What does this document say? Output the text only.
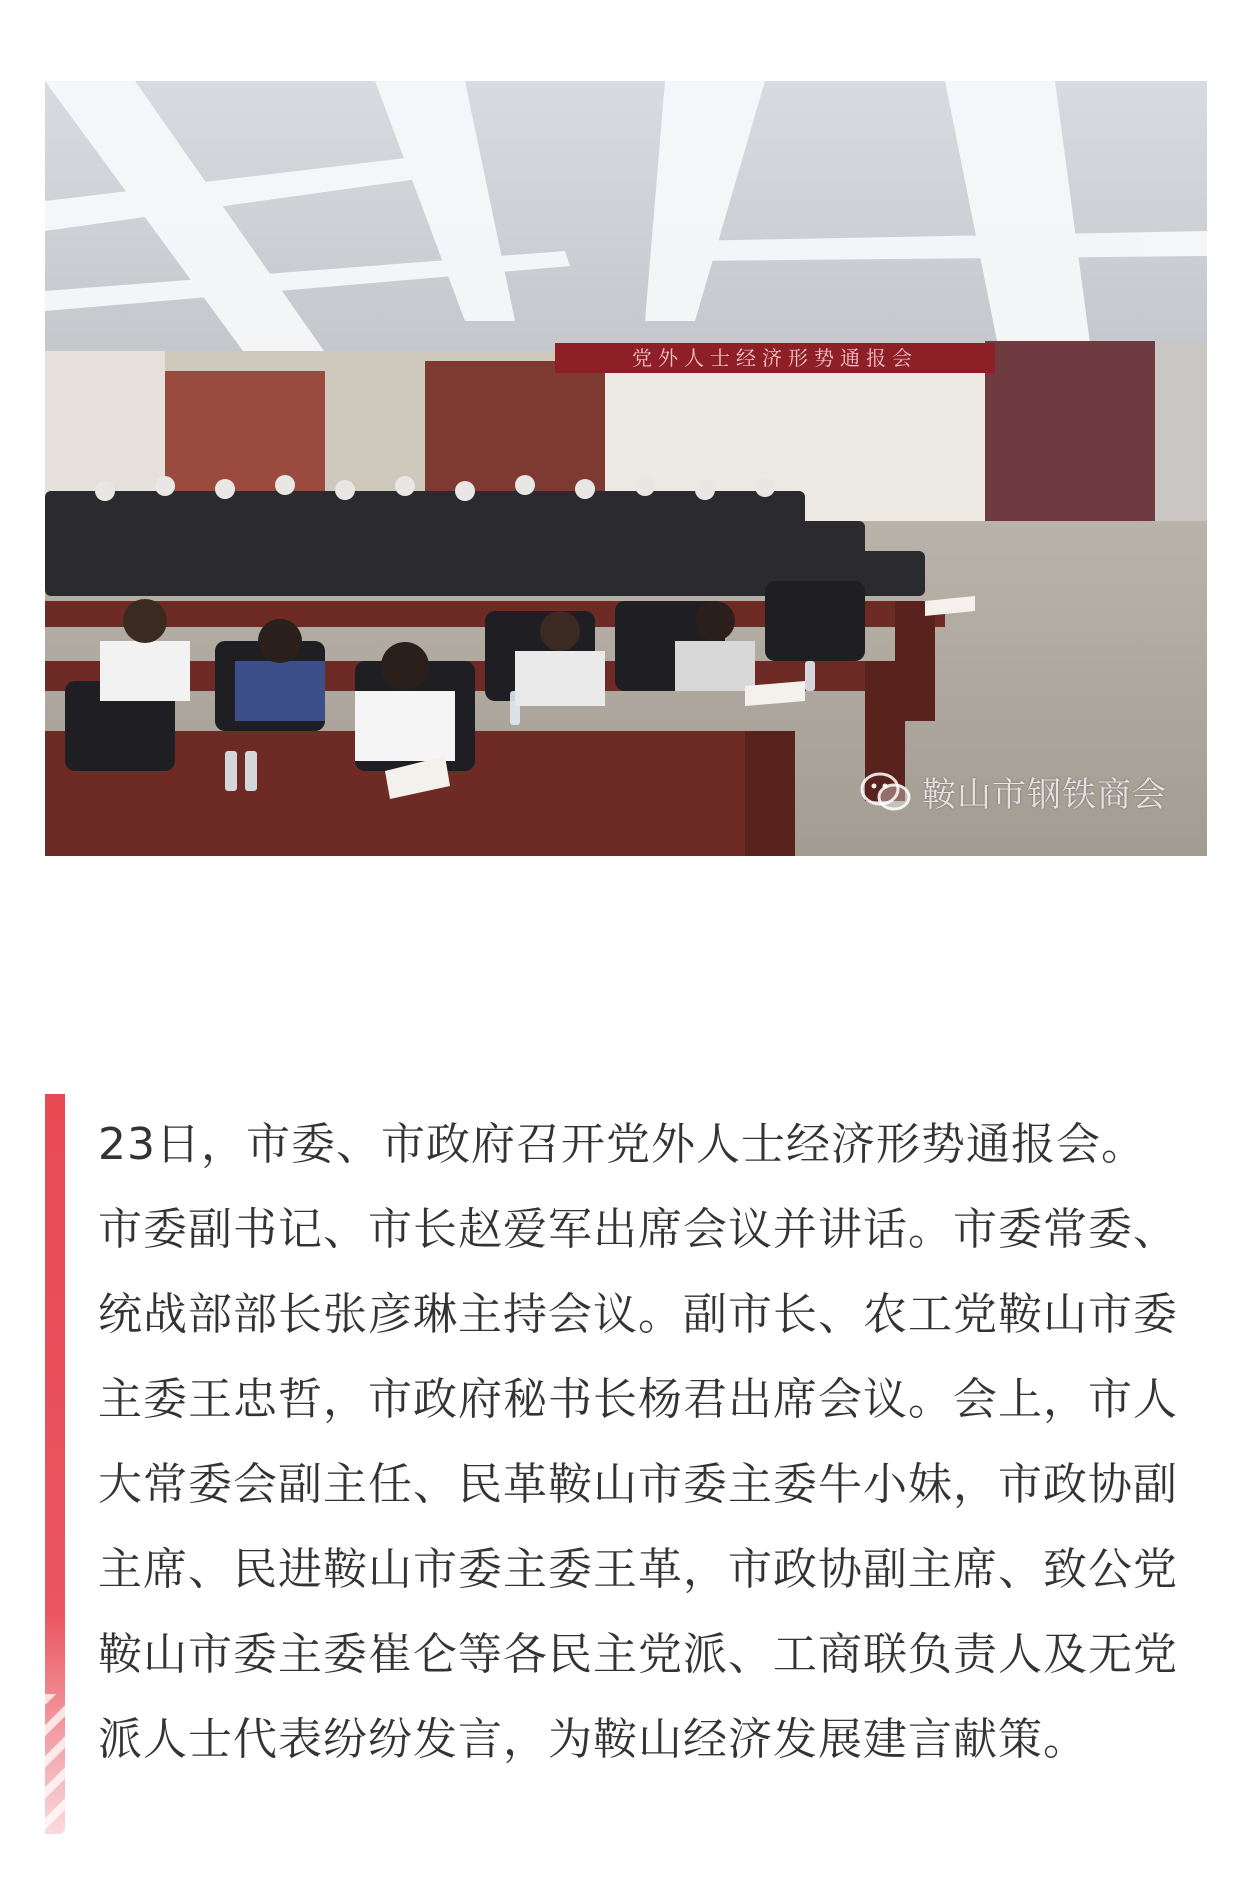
党外人士经济形势通报会
鞍山市钢铁商会

23日，市委、市政府召开党外人士经济形势通报会。市委副书记、市长赵爱军出席会议并讲话。市委常委、统战部部长张彦琳主持会议。副市长、农工党鞍山市委主委王忠哲，市政府秘书长杨君出席会议。会上，市人大常委会副主任、民革鞍山市委主委牛小妹，市政协副主席、民进鞍山市委主委王革，市政协副主席、致公党鞍山市委主委崔仑等各民主党派、工商联负责人及无党派人士代表纷纷发言，为鞍山经济发展建言献策。
